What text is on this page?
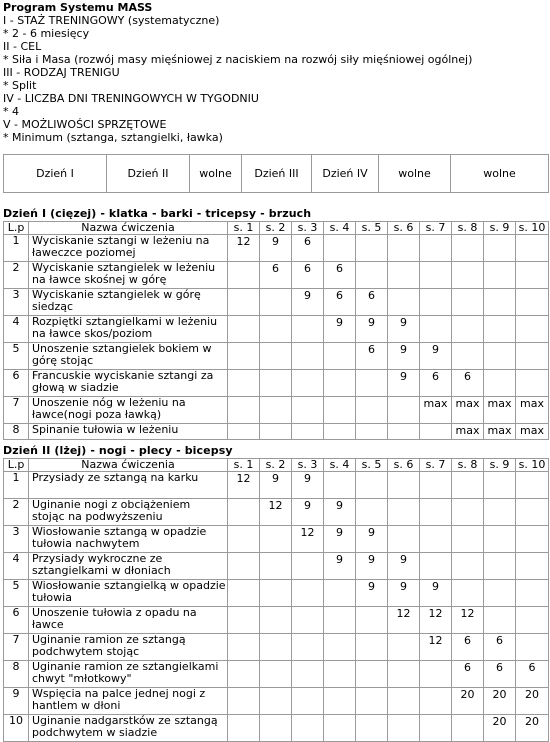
Program Systemu MASS
I - STAŻ TRENINGOWY (systematyczne)
* 2 - 6 miesięcy
II - CEL
* Siła i Masa (rozwój masy mięśniowej z naciskiem na rozwój siły mięśniowej ogólnej)
III - RODZAJ TRENIGU
* Split
IV - LICZBA DNI TRENINGOWYCH W TYGODNIU
* 4
V - MOŻLIWOŚCI SPRZĘTOWE
* Minimum (sztanga, sztangielki, ławka)
Dzień I	Dzień II	wolne	Dzień III	Dzień IV	wolne	wolne
Dzień I (cięzej) - klatka - barki - tricepsy - brzuch
L.p	Nazwa ćwiczenia	s. 1	s. 2	s. 3	s. 4	s. 5	s. 6	s. 7	s. 8	s. 9	s. 10
1	Wyciskanie sztangi w leżeniu na ławeczce poziomej	12	9	6							
2	Wyciskanie sztangielek w leżeniu na ławce skośnej w górę		6	6	6						
3	Wyciskanie sztangielek w górę siedząc			9	6	6					
4	Rozpiętki sztangielkami w leżeniu na ławce skos/poziom				9	9	9				
5	Unoszenie sztangielek bokiem w górę stojąc					6	9	9			
6	Francuskie wyciskanie sztangi za głową w siadzie						9	6	6		
7	Unoszenie nóg w leżeniu na ławce(nogi poza ławką)							max	max	max	max
8	Spinanie tułowia w leżeniu								max	max	max
Dzień II (lżej) - nogi - plecy - bicepsy
L.p	Nazwa ćwiczenia	s. 1	s. 2	s. 3	s. 4	s. 5	s. 6	s. 7	s. 8	s. 9	s. 10
1	Przysiady ze sztangą na karku	12	9	9							
2	Uginanie nogi z obciążeniem stojąc na podwyższeniu		12	9	9						
3	Wiosłowanie sztangą w opadzie tułowia nachwytem			12	9	9					
4	Przysiady wykroczne ze sztangielkami w dłoniach				9	9	9				
5	Wiosłowanie sztangielką w opadzie tułowia					9	9	9			
6	Unoszenie tułowia z opadu na ławce						12	12	12		
7	Uginanie ramion ze sztangą podchwytem stojąc							12	6	6	
8	Uginanie ramion ze sztangielkami chwyt "młotkowy"								6	6	6
9	Wspięcia na palce jednej nogi z hantlem w dłoni								20	20	20
10	Uginanie nadgarstków ze sztangą podchwytem w siadzie									20	20
